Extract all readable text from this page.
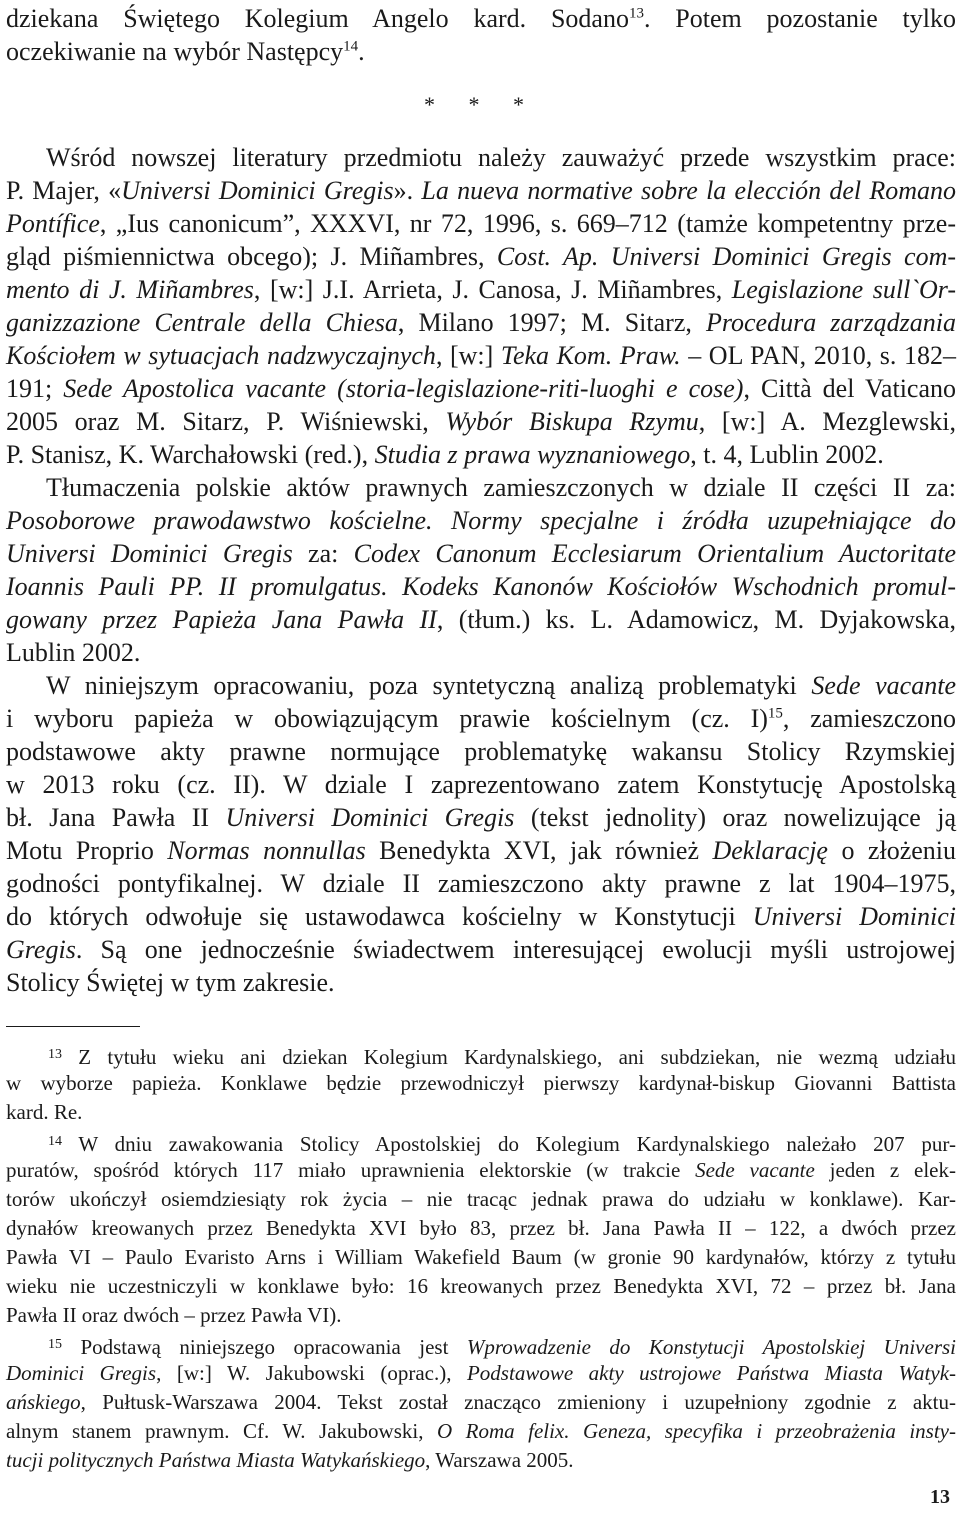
dziekana Świętego Kolegium Angelo kard. Sodano$^{13}$. Potem pozostanie tylko
oczekiwanie na wybór Następcy$^{14}$.
* * *
Wśród nowszej literatury przedmiotu należy zauważyć przede wszystkim prace:
P. Majer, «Universi Dominici Gregis». La nueva normative sobre la elección del Romano
Pontífice, „Ius canonicum”, XXXVI, nr 72, 1996, s. 669–712 (tamże kompetentny prze-
gląd piśmiennictwa obcego); J. Miñambres, Cost. Ap. Universi Dominici Gregis com-
mento di J. Miñambres, [w:] J.I. Arrieta, J. Canosa, J. Miñambres, Legislazione sull`Or-
ganizzazione Centrale della Chiesa, Milano 1997; M. Sitarz, Procedura zarządzania
Kościołem w sytuacjach nadzwyczajnych, [w:] Teka Kom. Praw. – OL PAN, 2010, s. 182–
191; Sede Apostolica vacante (storia-legislazione-riti-luoghi e cose), Città del Vaticano
2005 oraz M. Sitarz, P. Wiśniewski, Wybór Biskupa Rzymu, [w:] A. Mezglewski,
P. Stanisz, K. Warchałowski (red.), Studia z prawa wyznaniowego, t. 4, Lublin 2002.
Tłumaczenia polskie aktów prawnych zamieszczonych w dziale II części II za:
Posoborowe prawodawstwo kościelne. Normy specjalne i źródła uzupełniające do
Universi Dominici Gregis za: Codex Canonum Ecclesiarum Orientalium Auctoritate
Ioannis Pauli PP. II promulgatus. Kodeks Kanonów Kościołów Wschodnich promul-
gowany przez Papieża Jana Pawła II, (tłum.) ks. L. Adamowicz, M. Dyjakowska,
Lublin 2002.
W niniejszym opracowaniu, poza syntetyczną analizą problematyki Sede vacante
i wyboru papieża w obowiązującym prawie kościelnym (cz. I)$^{15}$, zamieszczono
podstawowe akty prawne normujące problematykę wakansu Stolicy Rzymskiej
w 2013 roku (cz. II). W dziale I zaprezentowano zatem Konstytucję Apostolską
bł. Jana Pawła II Universi Dominici Gregis (tekst jednolity) oraz nowelizujące ją
Motu Proprio Normas nonnullas Benedykta XVI, jak również Deklarację o złożeniu
godności pontyfikalnej. W dziale II zamieszczono akty prawne z lat 1904–1975,
do których odwołuje się ustawodawca kościelny w Konstytucji Universi Dominici
Gregis. Są one jednocześnie świadectwem interesującej ewolucji myśli ustrojowej
Stolicy Świętej w tym zakresie.
$^{13}$ Z tytułu wieku ani dziekan Kolegium Kardynalskiego, ani subdziekan, nie wezmą udziału
w wyborze papieża. Konklawe będzie przewodniczył pierwszy kardynał-biskup Giovanni Battista
kard. Re.
$^{14}$ W dniu zawakowania Stolicy Apostolskiej do Kolegium Kardynalskiego należało 207 pur-
puratów, spośród których 117 miało uprawnienia elektorskie (w trakcie Sede vacante jeden z elek-
torów ukończył osiemdziesiąty rok życia – nie tracąc jednak prawa do udziału w konklawe). Kar-
dynałów kreowanych przez Benedykta XVI było 83, przez bł. Jana Pawła II – 122, a dwóch przez
Pawła VI – Paulo Evaristo Arns i William Wakefield Baum (w gronie 90 kardynałów, którzy z tytułu
wieku nie uczestniczyli w konklawe było: 16 kreowanych przez Benedykta XVI, 72 – przez bł. Jana
Pawła II oraz dwóch – przez Pawła VI).
$^{15}$ Podstawą niniejszego opracowania jest Wprowadzenie do Konstytucji Apostolskiej Universi
Dominici Gregis, [w:] W. Jakubowski (oprac.), Podstawowe akty ustrojowe Państwa Miasta Watyk-
ańskiego, Pułtusk-Warszawa 2004. Tekst został znacząco zmieniony i uzupełniony zgodnie z aktu-
alnym stanem prawnym. Cf. W. Jakubowski, O Roma felix. Geneza, specyfika i przeobrażenia insty-
tucji politycznych Państwa Miasta Watykańskiego, Warszawa 2005.
13
